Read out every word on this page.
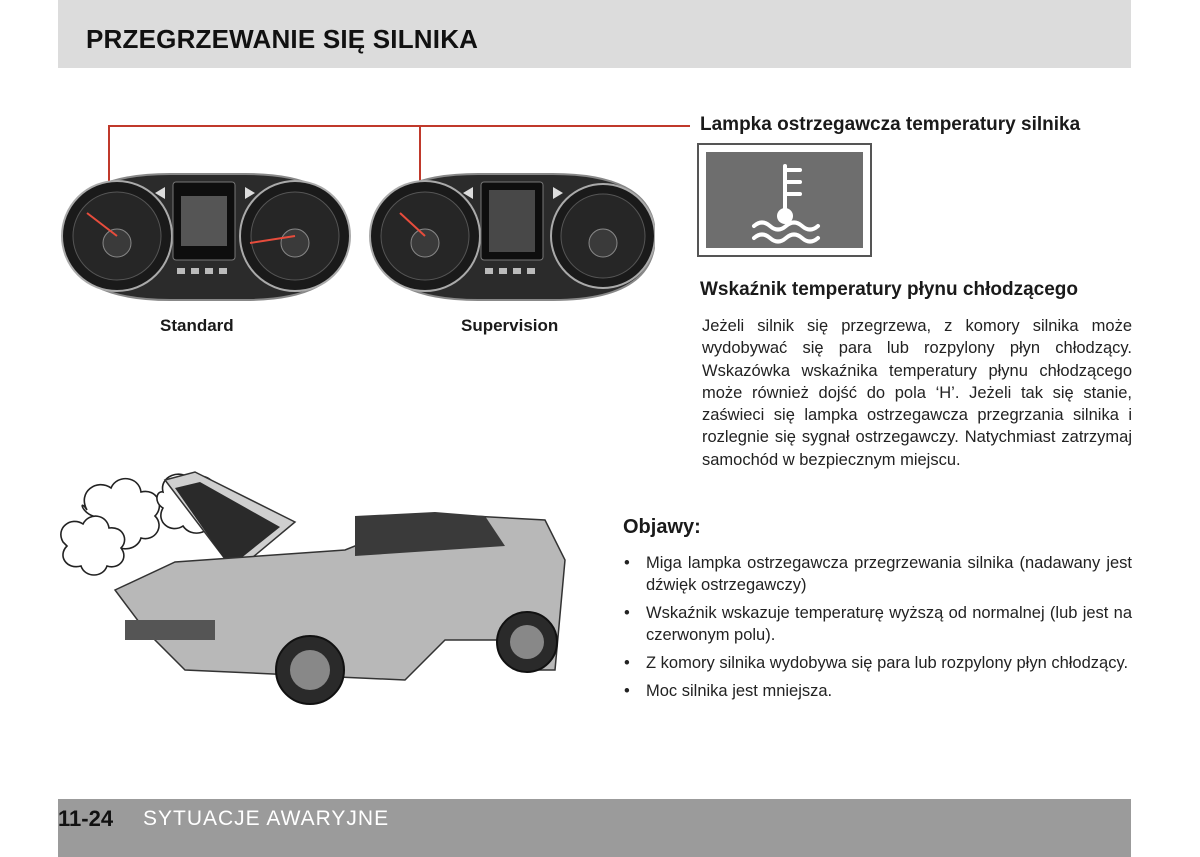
PRZEGRZEWANIE SIĘ SILNIKA
Standard	Supervision
Lampka ostrzegawcza temperatury silnika
Wskaźnik temperatury płynu chłodzącego

Jeżeli silnik się przegrzewa, z komory silnika może wydobywać się para lub rozpylony płyn chłodzący. Wskazówka wskaźnika temperatury płynu chłodzącego może również dojść do pola ‘H’. Jeżeli tak się stanie, zaświeci się lampka ostrzegawcza przegrzania silnika i rozlegnie się sygnał ostrzegawczy. Natychmiast zatrzymaj samochód w bezpiecznym miejscu.

Objawy:
• Miga lampka ostrzegawcza przegrzewania silnika (nadawany jest dźwięk ostrzegawczy)
• Wskaźnik wskazuje temperaturę wyższą od normalnej (lub jest na czerwonym polu).
• Z komory silnika wydobywa się para lub rozpylony płyn chłodzący.
• Moc silnika jest mniejsza.
11-24 SYTUACJE AWARYJNE
